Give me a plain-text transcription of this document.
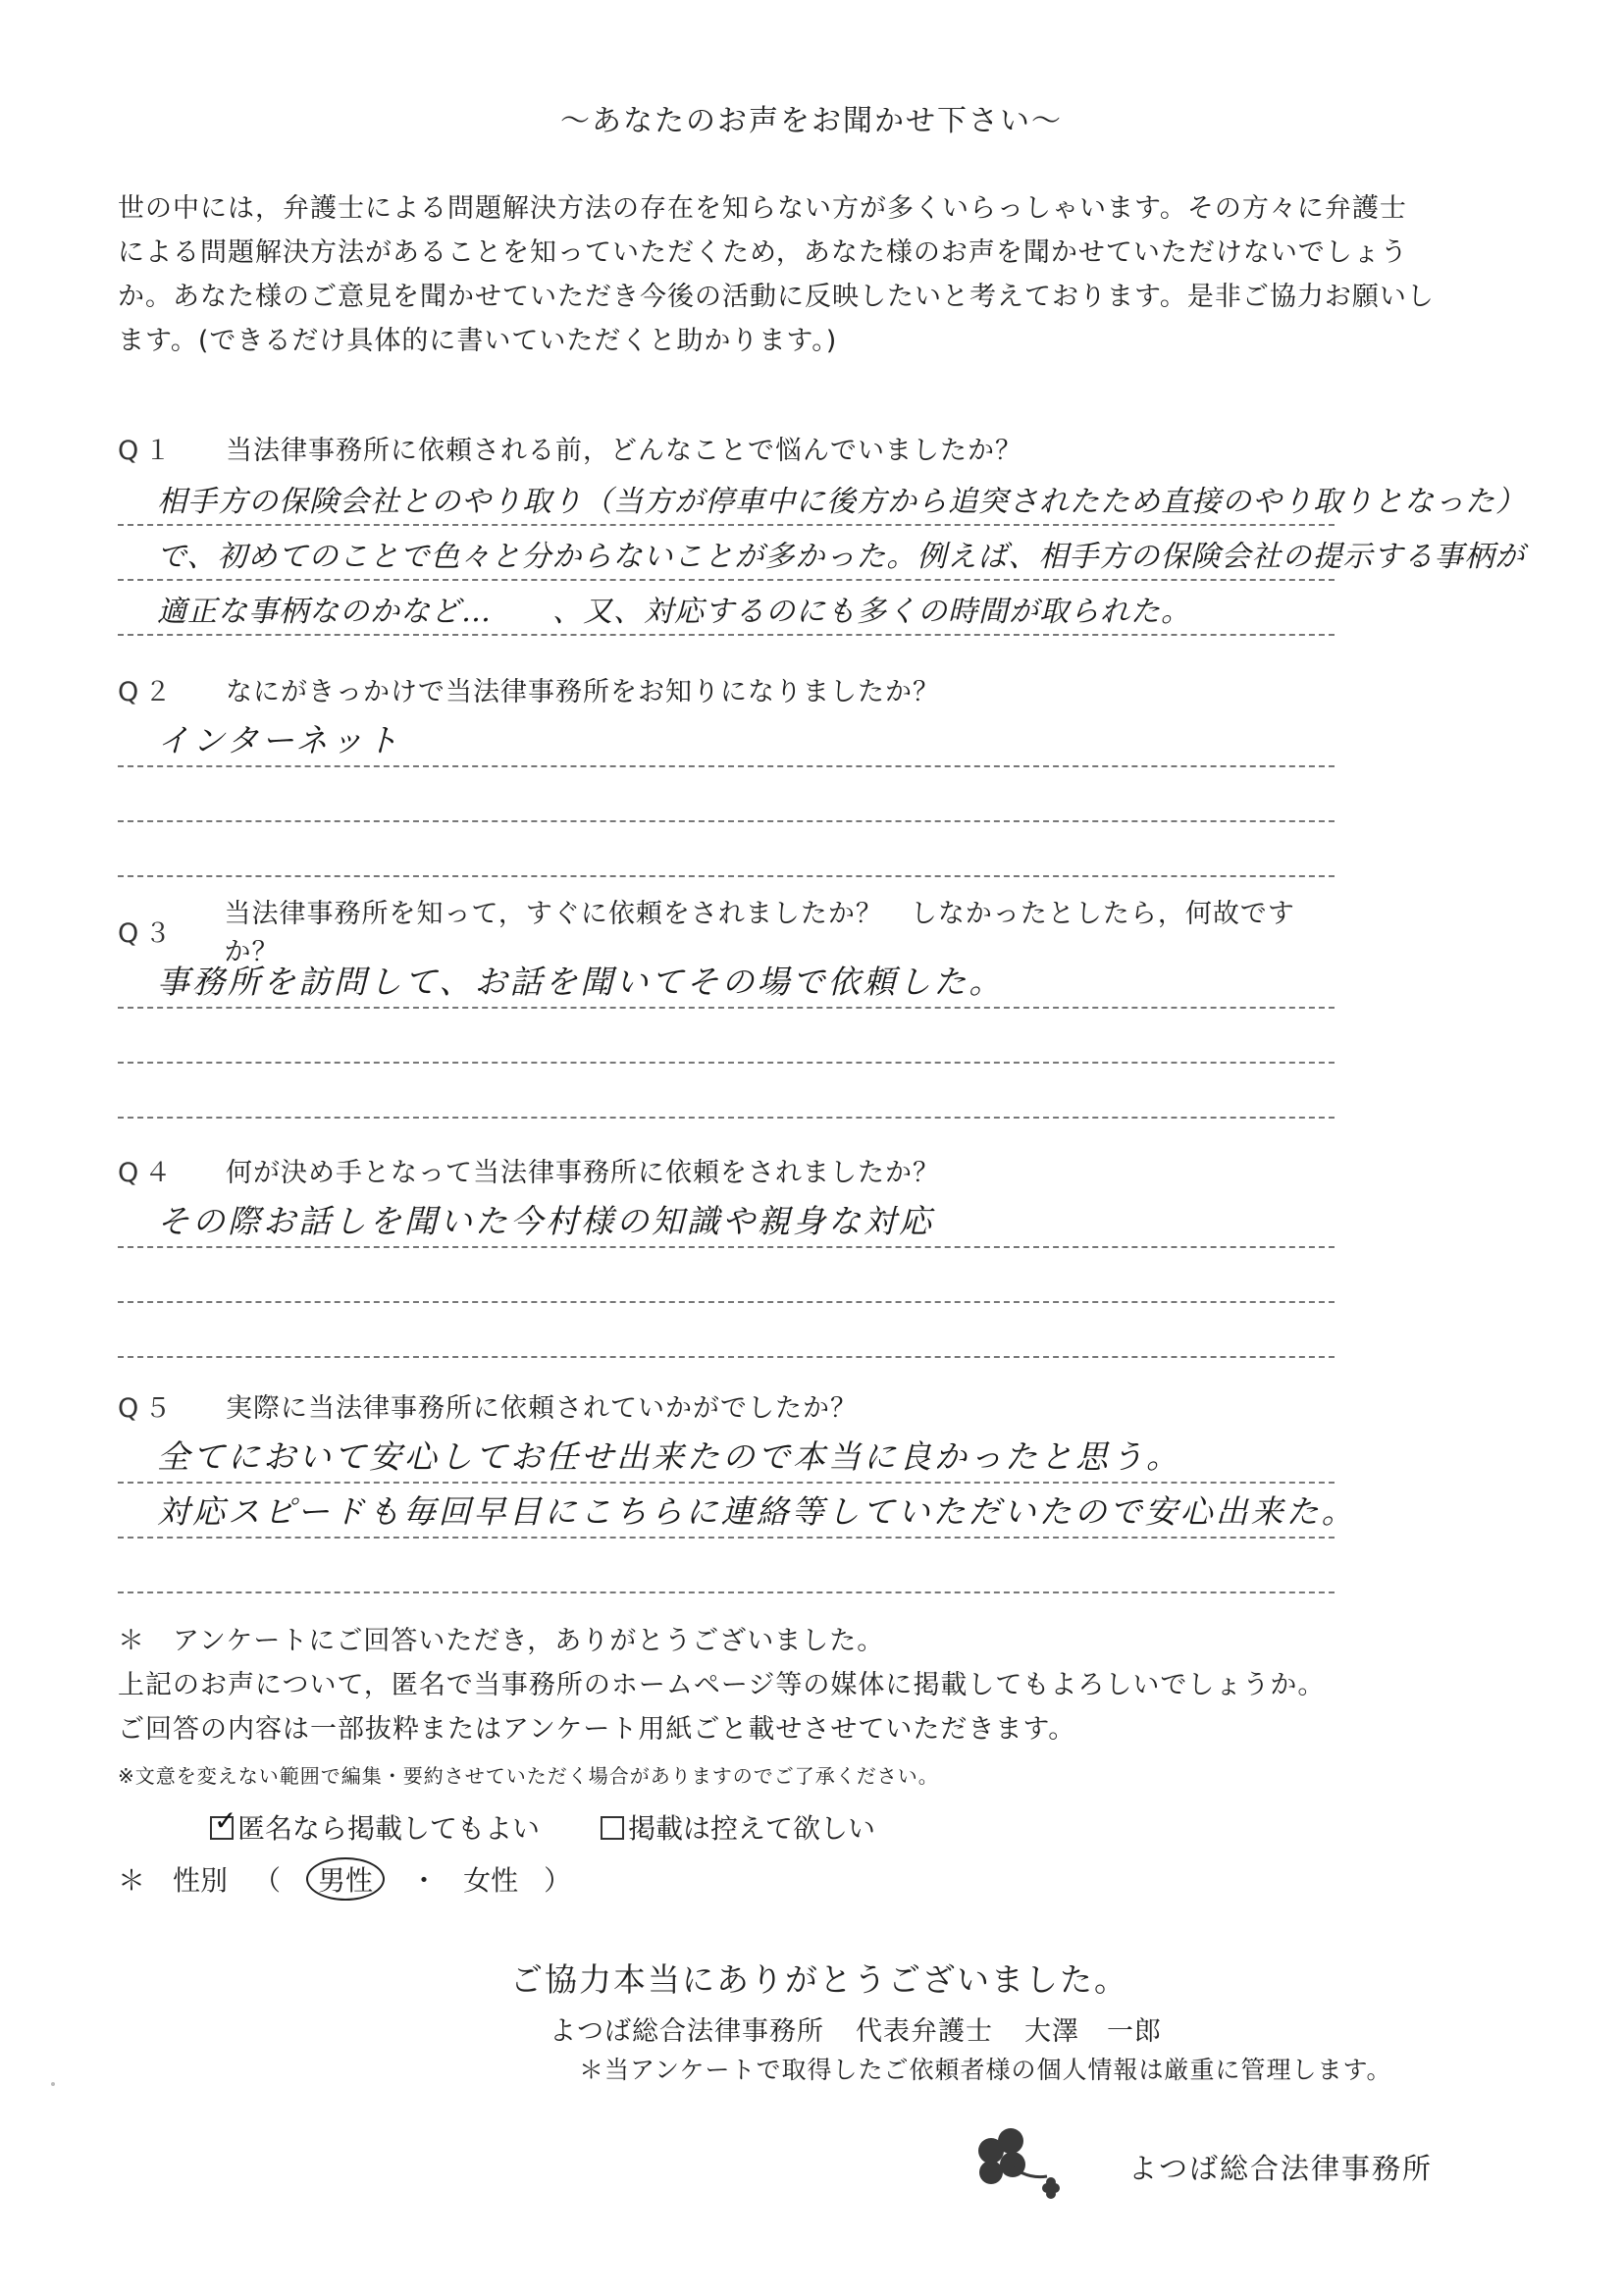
〜あなたのお声をお聞かせ下さい〜

世の中には，弁護士による問題解決方法の存在を知らない方が多くいらっしゃいます。その方々に弁護士

による問題解決方法があることを知っていただくため，あなた様のお声を聞かせていただけないでしょう

か。あなた様のご意見を聞かせていただき今後の活動に反映したいと考えております。是非ご協力お願いし

ます。(できるだけ具体的に書いていただくと助かります。)

Q１	当法律事務所に依頼される前，どんなことで悩んでいましたか？
相手方の保険会社とのやり取り（当方が停車中に後方から追突されたため直接のやり取りとなった）
で、初めてのことで色々と分からないことが多かった。例えば、相手方の保険会社の提示する事柄が
適正な事柄なのかなど…　　、又、対応するのにも多くの時間が取られた。
Q２	なにがきっかけで当法律事務所をお知りになりましたか？
インターネット
Q３
当法律事務所を知って，すぐに依頼をされましたか？　しなかったとしたら，何故ですか？
事務所を訪問して、お話を聞いてその場で依頼した。
Q４	何が決め手となって当法律事務所に依頼をされましたか？
その際お話しを聞いた今村様の知識や親身な対応
Q５	実際に当法律事務所に依頼されていかがでしたか？
全てにおいて安心してお任せ出来たので本当に良かったと思う。
対応スピードも毎回早目にこちらに連絡等していただいたので安心出来た。

＊　アンケートにご回答いただき，ありがとうございました。

上記のお声について，匿名で当事務所のホームページ等の媒体に掲載してもよろしいでしょうか。

ご回答の内容は一部抜粋またはアンケート用紙ごと載せさせていただきます。

※文意を変えない範囲で編集・要約させていただく場合がありますのでご了承ください。

✓ 匿名なら掲載してもよい	掲載は控えて欲しい
＊　性別 （	男性	・ 女性 ）
ご協力本当にありがとうございました。
よつば総合法律事務所 代表弁護士 大澤　一郎
＊当アンケートで取得したご依頼者様の個人情報は厳重に管理します。
よつば総合法律事務所
